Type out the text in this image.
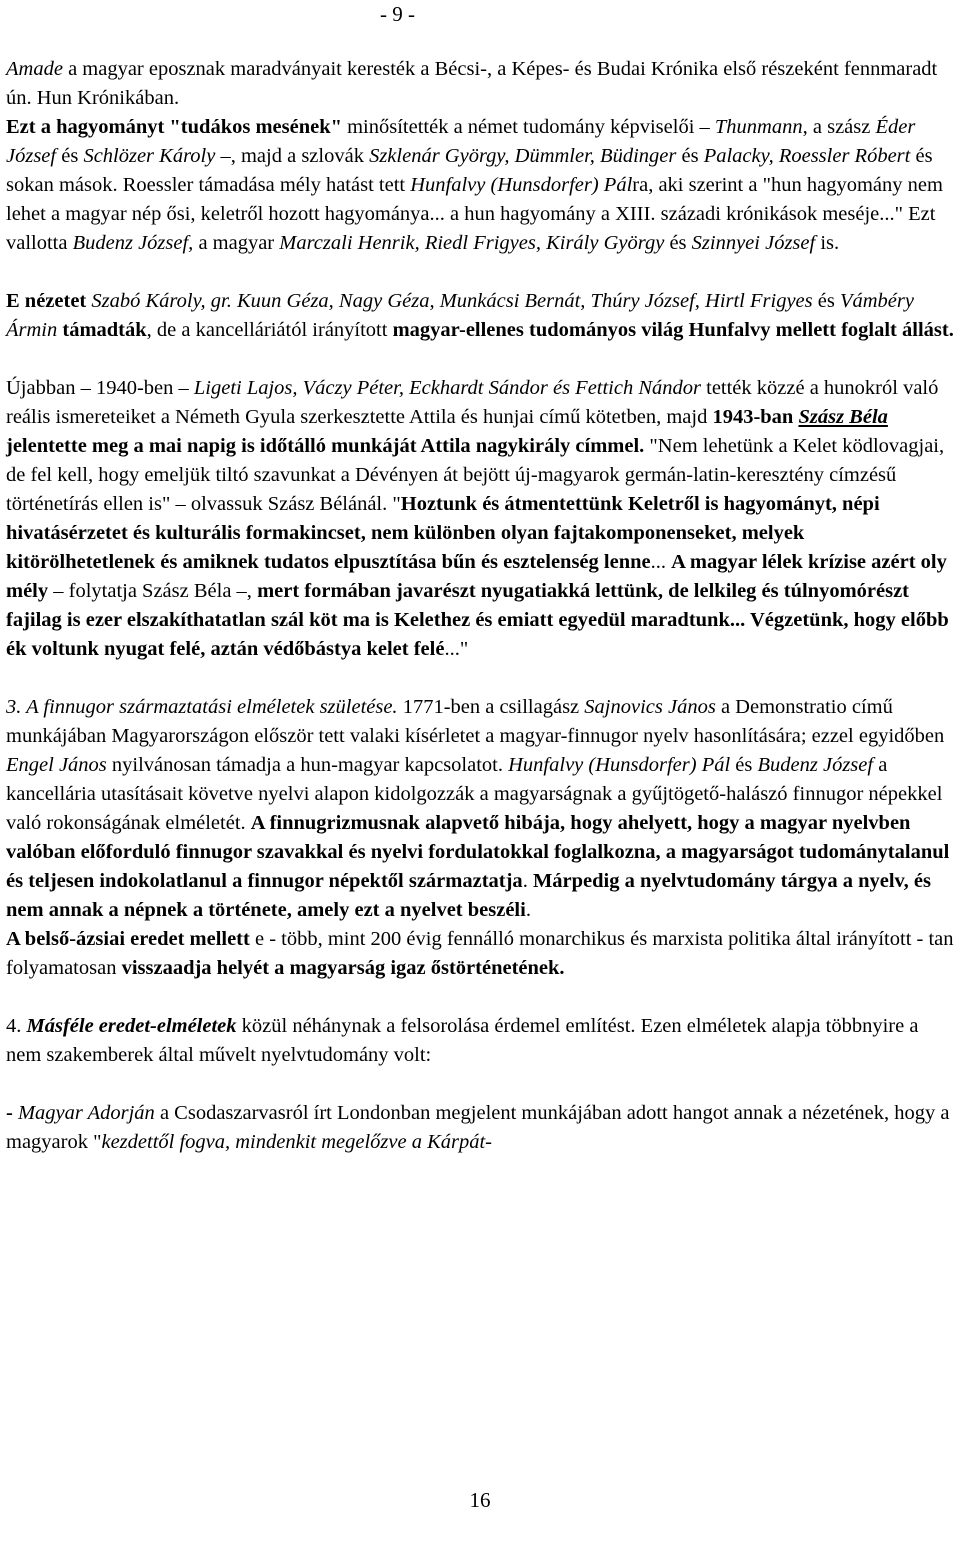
- 9 -
Amade a magyar eposznak maradványait keresték a Bécsi-, a Képes- és Budai Krónika első részeként fennmaradt ún. Hun Krónikában.
Ezt a hagyományt "tudákos mesének" minősítették a német tudomány képviselői – Thunmann, a szász Éder József és Schlözer Károly –, majd a szlovák Szklenár György, Dümmler, Büdinger és Palacky, Roessler Róbert és sokan mások. Roessler támadása mély hatást tett Hunfalvy (Hunsdorfer) Pálra, aki szerint a "hun hagyomány nem lehet a magyar nép ősi, keletről hozott hagyománya... a hun hagyomány a XIII. századi krónikások meséje..." Ezt vallotta Budenz József, a magyar Marczali Henrik, Riedl Frigyes, Király György és Szinnyei József is.
E nézetet Szabó Károly, gr. Kuun Géza, Nagy Géza, Munkácsi Bernát, Thúry József, Hirtl Frigyes és Vámbéry Ármin támadták, de a kancelláriától irányított magyar-ellenes tudományos világ Hunfalvy mellett foglalt állást.
Újabban – 1940-ben – Ligeti Lajos, Váczy Péter, Eckhardt Sándor és Fettich Nándor tették közzé a hunokról való reális ismereteiket a Németh Gyula szerkesztette Attila és hunjai című kötetben, majd 1943-ban Szász Béla jelentette meg a mai napig is időtálló munkáját Attila nagykirály címmel. "Nem lehetünk a Kelet ködlovagjai, de fel kell, hogy emeljük tiltó szavunkat a Dévényen át bejött új-magyarok germán-latin-keresztény címzésű történetírás ellen is" – olvassuk Szász Bélánál. "Hoztunk és átmentettünk Keletről is hagyományt, népi hivatásérzetet és kulturális formakincset, nem különben olyan fajtakomponenseket, melyek kitörölhetetlenek és amiknek tudatos elpusztítása bűn és esztelenség lenne... A magyar lélek krízise azért oly mély – folytatja Szász Béla –, mert formában javarészt nyugatiakká lettünk, de lelkileg és túlnyomórészt fajilag is ezer elszakíthatatlan szál köt ma is Kelethez és emiatt egyedül maradtunk... Végzetünk, hogy előbb ék voltunk nyugat felé, aztán védőbástya kelet felé..."
3. A finnugor származtatási elméletek születése. 1771-ben a csillagász Sajnovics János a Demonstratio című munkájában Magyarországon először tett valaki kísérletet a magyar-finnugor nyelv hasonlítására; ezzel egyidőben Engel János nyilvánosan támadja a hun-magyar kapcsolatot. Hunfalvy (Hunsdorfer) Pál és Budenz József a kancellária utasításait követve nyelvi alapon kidolgozzák a magyarságnak a gyűjtögető-halászó finnugor népekkel való rokonságának elméletét. A finnugrizmusnak alapvető hibája, hogy ahelyett, hogy a magyar nyelvben valóban előforduló finnugor szavakkal és nyelvi fordulatokkal foglalkozna, a magyarságot tudománytalanul és teljesen indokolatlanul a finnugor népektől származtatja. Márpedig a nyelvtudomány tárgya a nyelv, és nem annak a népnek a története, amely ezt a nyelvet beszéli.
A belső-ázsiai eredet mellett e - több, mint 200 évig fennálló monarchikus és marxista politika által irányított - tan folyamatosan visszaadja helyét a magyarság igaz őstörténetének.
4. Másféle eredet-elméletek közül néhánynak a felsorolása érdemel említést. Ezen elméletek alapja többnyire a nem szakemberek által művelt nyelvtudomány volt:
- Magyar Adorján a Csodaszarvasról írt Londonban megjelent munkájában adott hangot annak a nézetének, hogy a magyarok "kezdettől fogva, mindenkit megelőzve a Kárpát-
16
